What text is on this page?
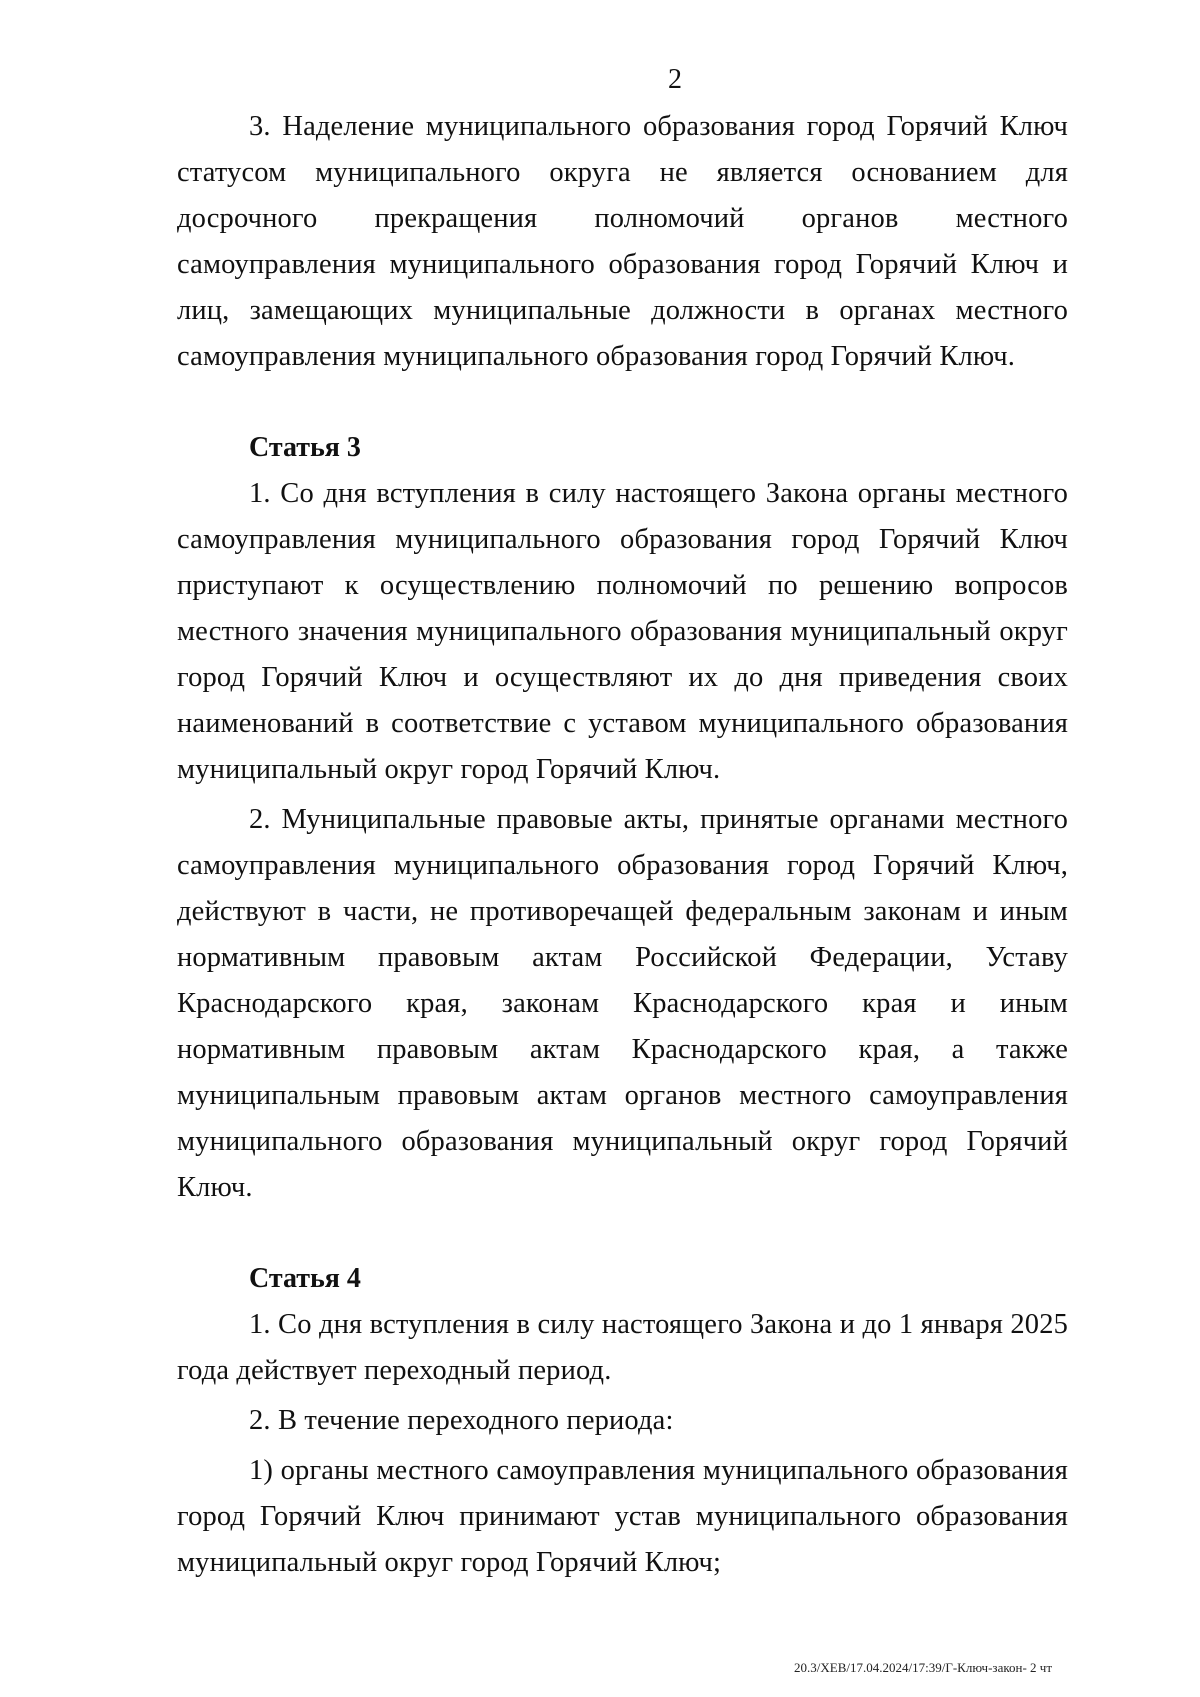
2

3. Наделение муниципального образования город Горячий Ключ статусом муниципального округа не является основанием для досрочного прекращения полномочий органов местного самоуправления муниципального образования город Горячий Ключ и лиц, замещающих муниципальные должности в органах местного самоуправления муниципального образования город Горячий Ключ.

Статья 3

1. Со дня вступления в силу настоящего Закона органы местного самоуправления муниципального образования город Горячий Ключ приступают к осуществлению полномочий по решению вопросов местного значения муниципального образования муниципальный округ город Горячий Ключ и осуществляют их до дня приведения своих наименований в соответствие с уставом муниципального образования муниципальный округ город Горячий Ключ.

2. Муниципальные правовые акты, принятые органами местного самоуправления муниципального образования город Горячий Ключ, действуют в части, не противоречащей федеральным законам и иным нормативным правовым актам Российской Федерации, Уставу Краснодарского края, законам Краснодарского края и иным нормативным правовым актам Краснодарского края, а также муниципальным правовым актам органов местного самоуправления муниципального образования муниципальный округ город Горячий Ключ.

Статья 4

1. Со дня вступления в силу настоящего Закона и до 1 января 2025 года действует переходный период.

2. В течение переходного периода:

1) органы местного самоуправления муниципального образования город Горячий Ключ принимают устав муниципального образования муниципальный округ город Горячий Ключ;

20.3/ХЕВ/17.04.2024/17:39/Г-Ключ-закон- 2 чт
